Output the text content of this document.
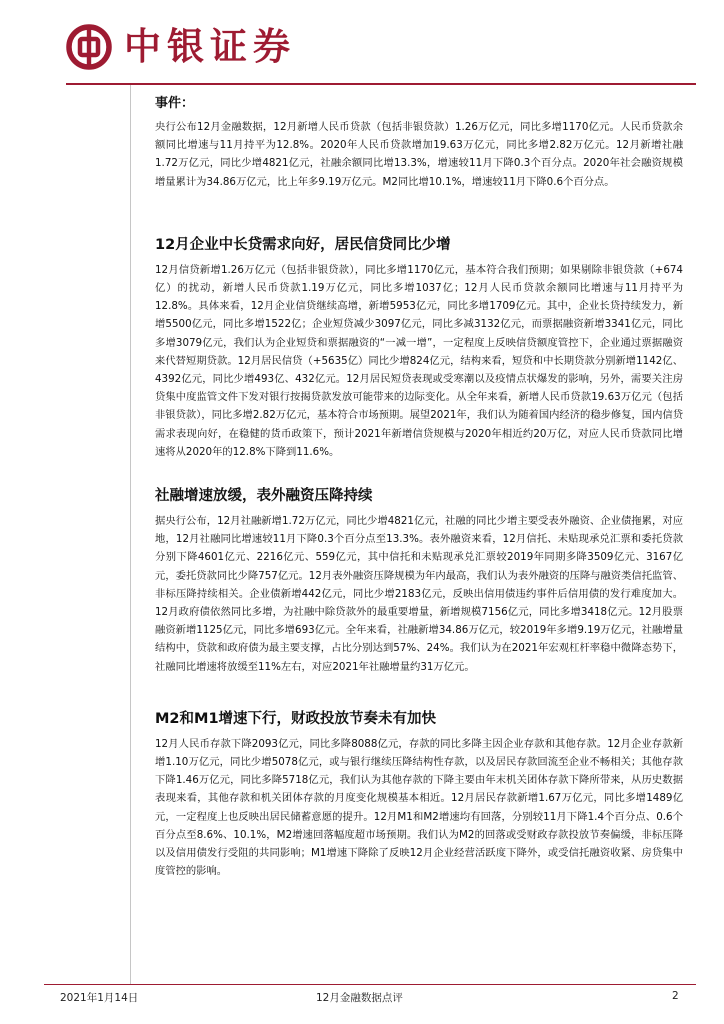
中银证券

事件：

央行公布12月金融数据，12月新增人民币贷款（包括非银贷款）1.26万亿元，同比多增1170亿元。人民币贷款余额同比增速与11月持平为12.8%。2020年人民币贷款增加19.63万亿元，同比多增2.82万亿元。12月新增社融1.72万亿元，同比少增4821亿元，社融余额同比增13.3%，增速较11月下降0.3个百分点。2020年社会融资规模增量累计为34.86万亿元，比上年多9.19万亿元。M2同比增10.1%，增速较11月下降0.6个百分点。

12月企业中长贷需求向好，居民信贷同比少增

12月信贷新增1.26万亿元（包括非银贷款），同比多增1170亿元，基本符合我们预期；如果剔除非银贷款（+674亿）的扰动，新增人民币贷款1.19万亿元，同比多增1037亿；12月人民币贷款余额同比增速与11月持平为12.8%。具体来看，12月企业信贷继续高增，新增5953亿元，同比多增1709亿元。其中，企业长贷持续发力，新增5500亿元，同比多增1522亿；企业短贷减少3097亿元，同比多减3132亿元，而票据融资新增3341亿元，同比多增3079亿元，我们认为企业短贷和票据融资的“一减一增”，一定程度上反映信贷额度管控下，企业通过票据融资来代替短期贷款。12月居民信贷（+5635亿）同比少增824亿元，结构来看，短贷和中长期贷款分别新增1142亿、4392亿元，同比少增493亿、432亿元。12月居民短贷表现或受寒潮以及疫情点状爆发的影响，另外，需要关注房贷集中度监管文件下发对银行按揭贷款发放可能带来的边际变化。从全年来看，新增人民币贷款19.63万亿元（包括非银贷款），同比多增2.82万亿元，基本符合市场预期。展望2021年，我们认为随着国内经济的稳步修复，国内信贷需求表现向好，在稳健的货币政策下，预计2021年新增信贷规模与2020年相近约20万亿，对应人民币贷款同比增速将从2020年的12.8%下降到11.6%。

社融增速放缓，表外融资压降持续

据央行公布，12月社融新增1.72万亿元，同比少增4821亿元，社融的同比少增主要受表外融资、企业债拖累，对应地，12月社融同比增速较11月下降0.3个百分点至13.3%。表外融资来看，12月信托、未贴现承兑汇票和委托贷款分别下降4601亿元、2216亿元、559亿元，其中信托和未贴现承兑汇票较2019年同期多降3509亿元、3167亿元，委托贷款同比少降757亿元。12月表外融资压降规模为年内最高，我们认为表外融资的压降与融资类信托监管、非标压降持续相关。企业债新增442亿元，同比少增2183亿元，反映出信用债违约事件后信用债的发行难度加大。12月政府债依然同比多增，为社融中除贷款外的最重要增量，新增规模7156亿元，同比多增3418亿元。12月股票融资新增1125亿元，同比多增693亿元。全年来看，社融新增34.86万亿元，较2019年多增9.19万亿元，社融增量结构中，贷款和政府债为最主要支撑，占比分别达到57%、24%。我们认为在2021年宏观杠杆率稳中微降态势下，社融同比增速将放缓至11%左右，对应2021年社融增量约31万亿元。

M2和M1增速下行，财政投放节奏未有加快

12月人民币存款下降2093亿元，同比多降8088亿元，存款的同比多降主因企业存款和其他存款。12月企业存款新增1.10万亿元，同比少增5078亿元，或与银行继续压降结构性存款，以及居民存款回流至企业不畅相关；其他存款下降1.46万亿元，同比多降5718亿元，我们认为其他存款的下降主要由年末机关团体存款下降所带来，从历史数据表现来看，其他存款和机关团体存款的月度变化规模基本相近。12月居民存款新增1.67万亿元，同比多增1489亿元，一定程度上也反映出居民储蓄意愿的提升。12月M1和M2增速均有回落，分别较11月下降1.4个百分点、0.6个百分点至8.6%、10.1%，M2增速回落幅度超市场预期。我们认为M2的回落或受财政存款投放节奏偏缓，非标压降以及信用债发行受阻的共同影响；M1增速下降除了反映12月企业经营活跃度下降外，或受信托融资收紧、房贷集中度管控的影响。

2021年1月14日	12月金融数据点评	2
